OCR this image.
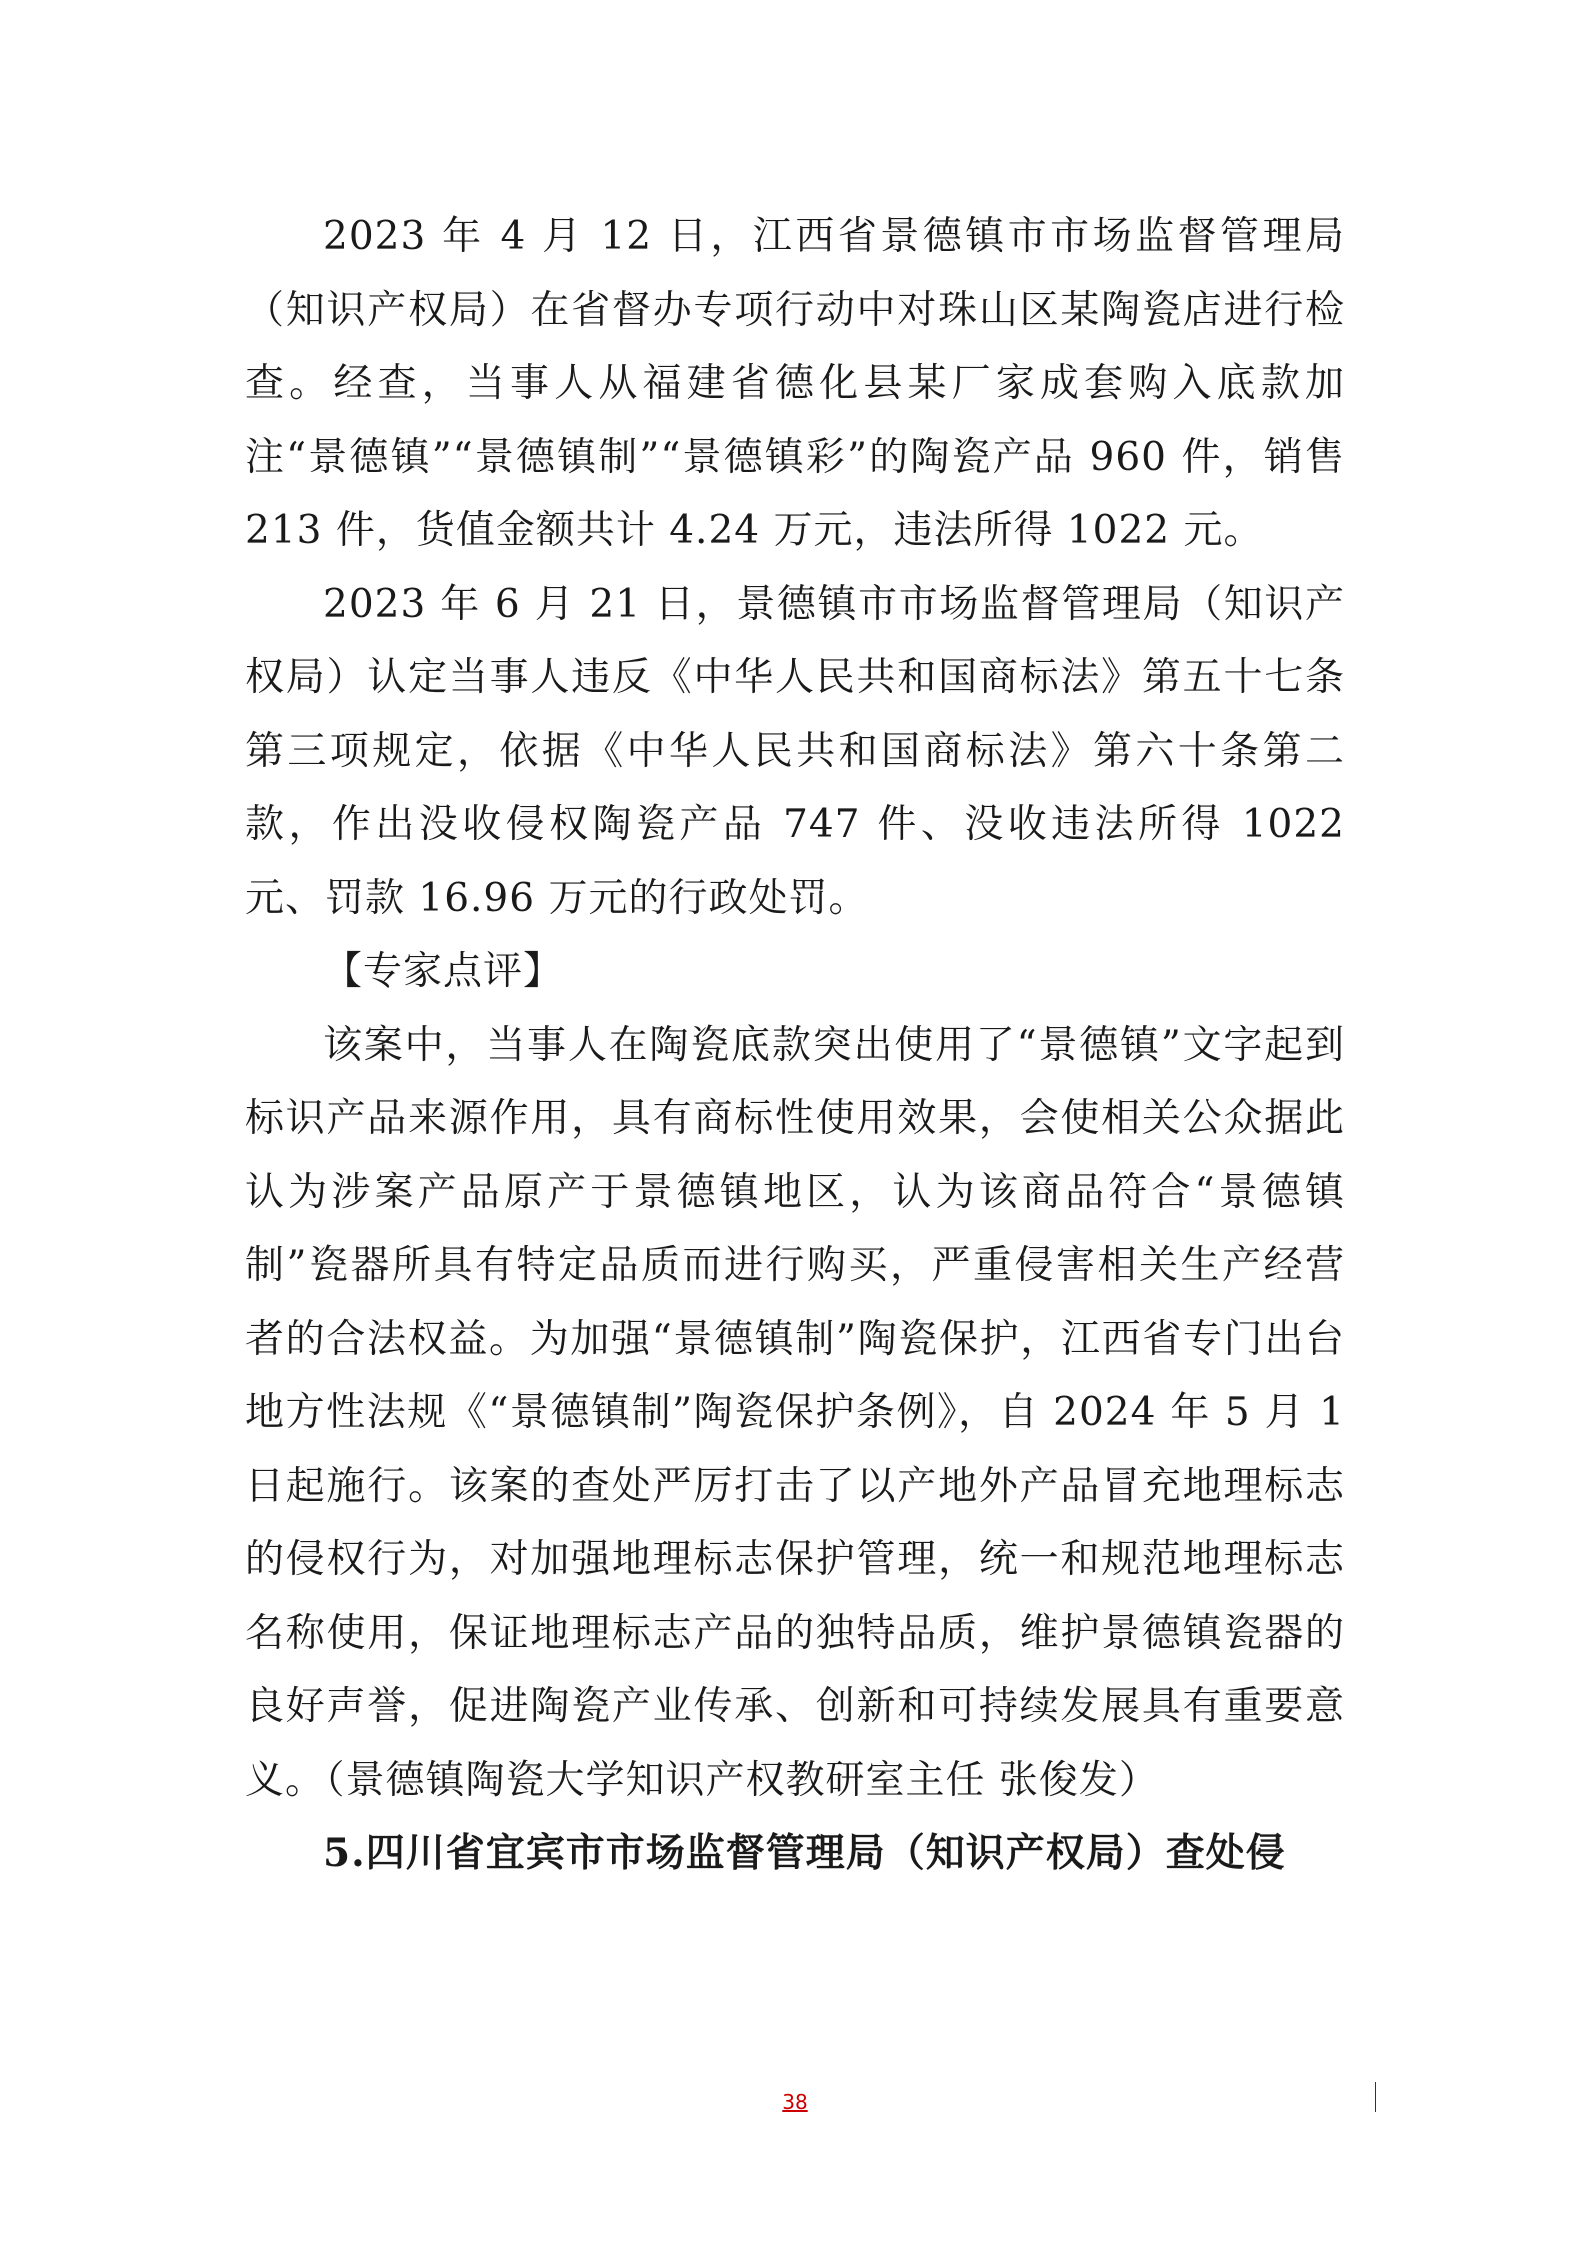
2023 年 4 月 12 日，江西省景德镇市市场监督管理局（知识产权局）在省督办专项行动中对珠山区某陶瓷店进行检查。经查，当事人从福建省德化县某厂家成套购入底款加注“景德镇”“景德镇制”“景德镇彩”的陶瓷产品 960 件，销售 213 件，货值金额共计 4.24 万元，违法所得 1022 元。

2023 年 6 月 21 日，景德镇市市场监督管理局（知识产权局）认定当事人违反《中华人民共和国商标法》第五十七条第三项规定，依据《中华人民共和国商标法》第六十条第二款，作出没收侵权陶瓷产品 747 件、没收违法所得 1022 元、罚款 16.96 万元的行政处罚。

【专家点评】

该案中，当事人在陶瓷底款突出使用了“景德镇”文字起到标识产品来源作用，具有商标性使用效果，会使相关公众据此认为涉案产品原产于景德镇地区，认为该商品符合“景德镇制”瓷器所具有特定品质而进行购买，严重侵害相关生产经营者的合法权益。为加强“景德镇制”陶瓷保护，江西省专门出台地方性法规《“景德镇制”陶瓷保护条例》，自 2024 年 5 月 1 日起施行。该案的查处严厉打击了以产地外产品冒充地理标志的侵权行为，对加强地理标志保护管理，统一和规范地理标志名称使用，保证地理标志产品的独特品质，维护景德镇瓷器的良好声誉，促进陶瓷产业传承、创新和可持续发展具有重要意义。（景德镇陶瓷大学知识产权教研室主任 张俊发）

5.四川省宜宾市市场监督管理局（知识产权局）查处侵

38
